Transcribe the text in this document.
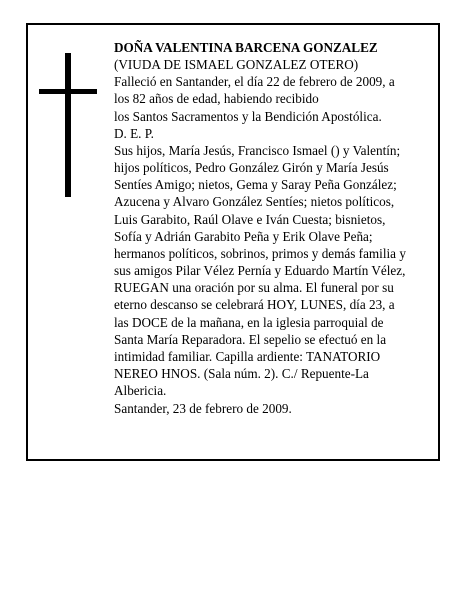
DOÑA VALENTINA BARCENA GONZALEZ
(VIUDA DE ISMAEL GONZALEZ OTERO)
Falleció en Santander, el día 22 de febrero de 2009, a
los 82 años de edad, habiendo recibido
los Santos Sacramentos y la Bendición Apostólica.
D. E. P.
Sus hijos, María Jesús, Francisco Ismael () y Valentín;
hijos políticos, Pedro González Girón y María Jesús
Sentíes Amigo; nietos, Gema y Saray Peña González;
Azucena y Alvaro González Sentíes; nietos políticos,
Luis Garabito, Raúl Olave e Iván Cuesta; bisnietos,
Sofía y Adrián Garabito Peña y Erik Olave Peña;
hermanos políticos, sobrinos, primos y demás familia y
sus amigos Pilar Vélez Pernía y Eduardo Martín Vélez,
RUEGAN una oración por su alma. El funeral por su
eterno descanso se celebrará HOY, LUNES, día 23, a
las DOCE de la mañana, en la iglesia parroquial de
Santa María Reparadora. El sepelio se efectuó en la
intimidad familiar. Capilla ardiente: TANATORIO
NEREO HNOS. (Sala núm. 2). C./ Repuente-La
Albericia.
Santander, 23 de febrero de 2009.
